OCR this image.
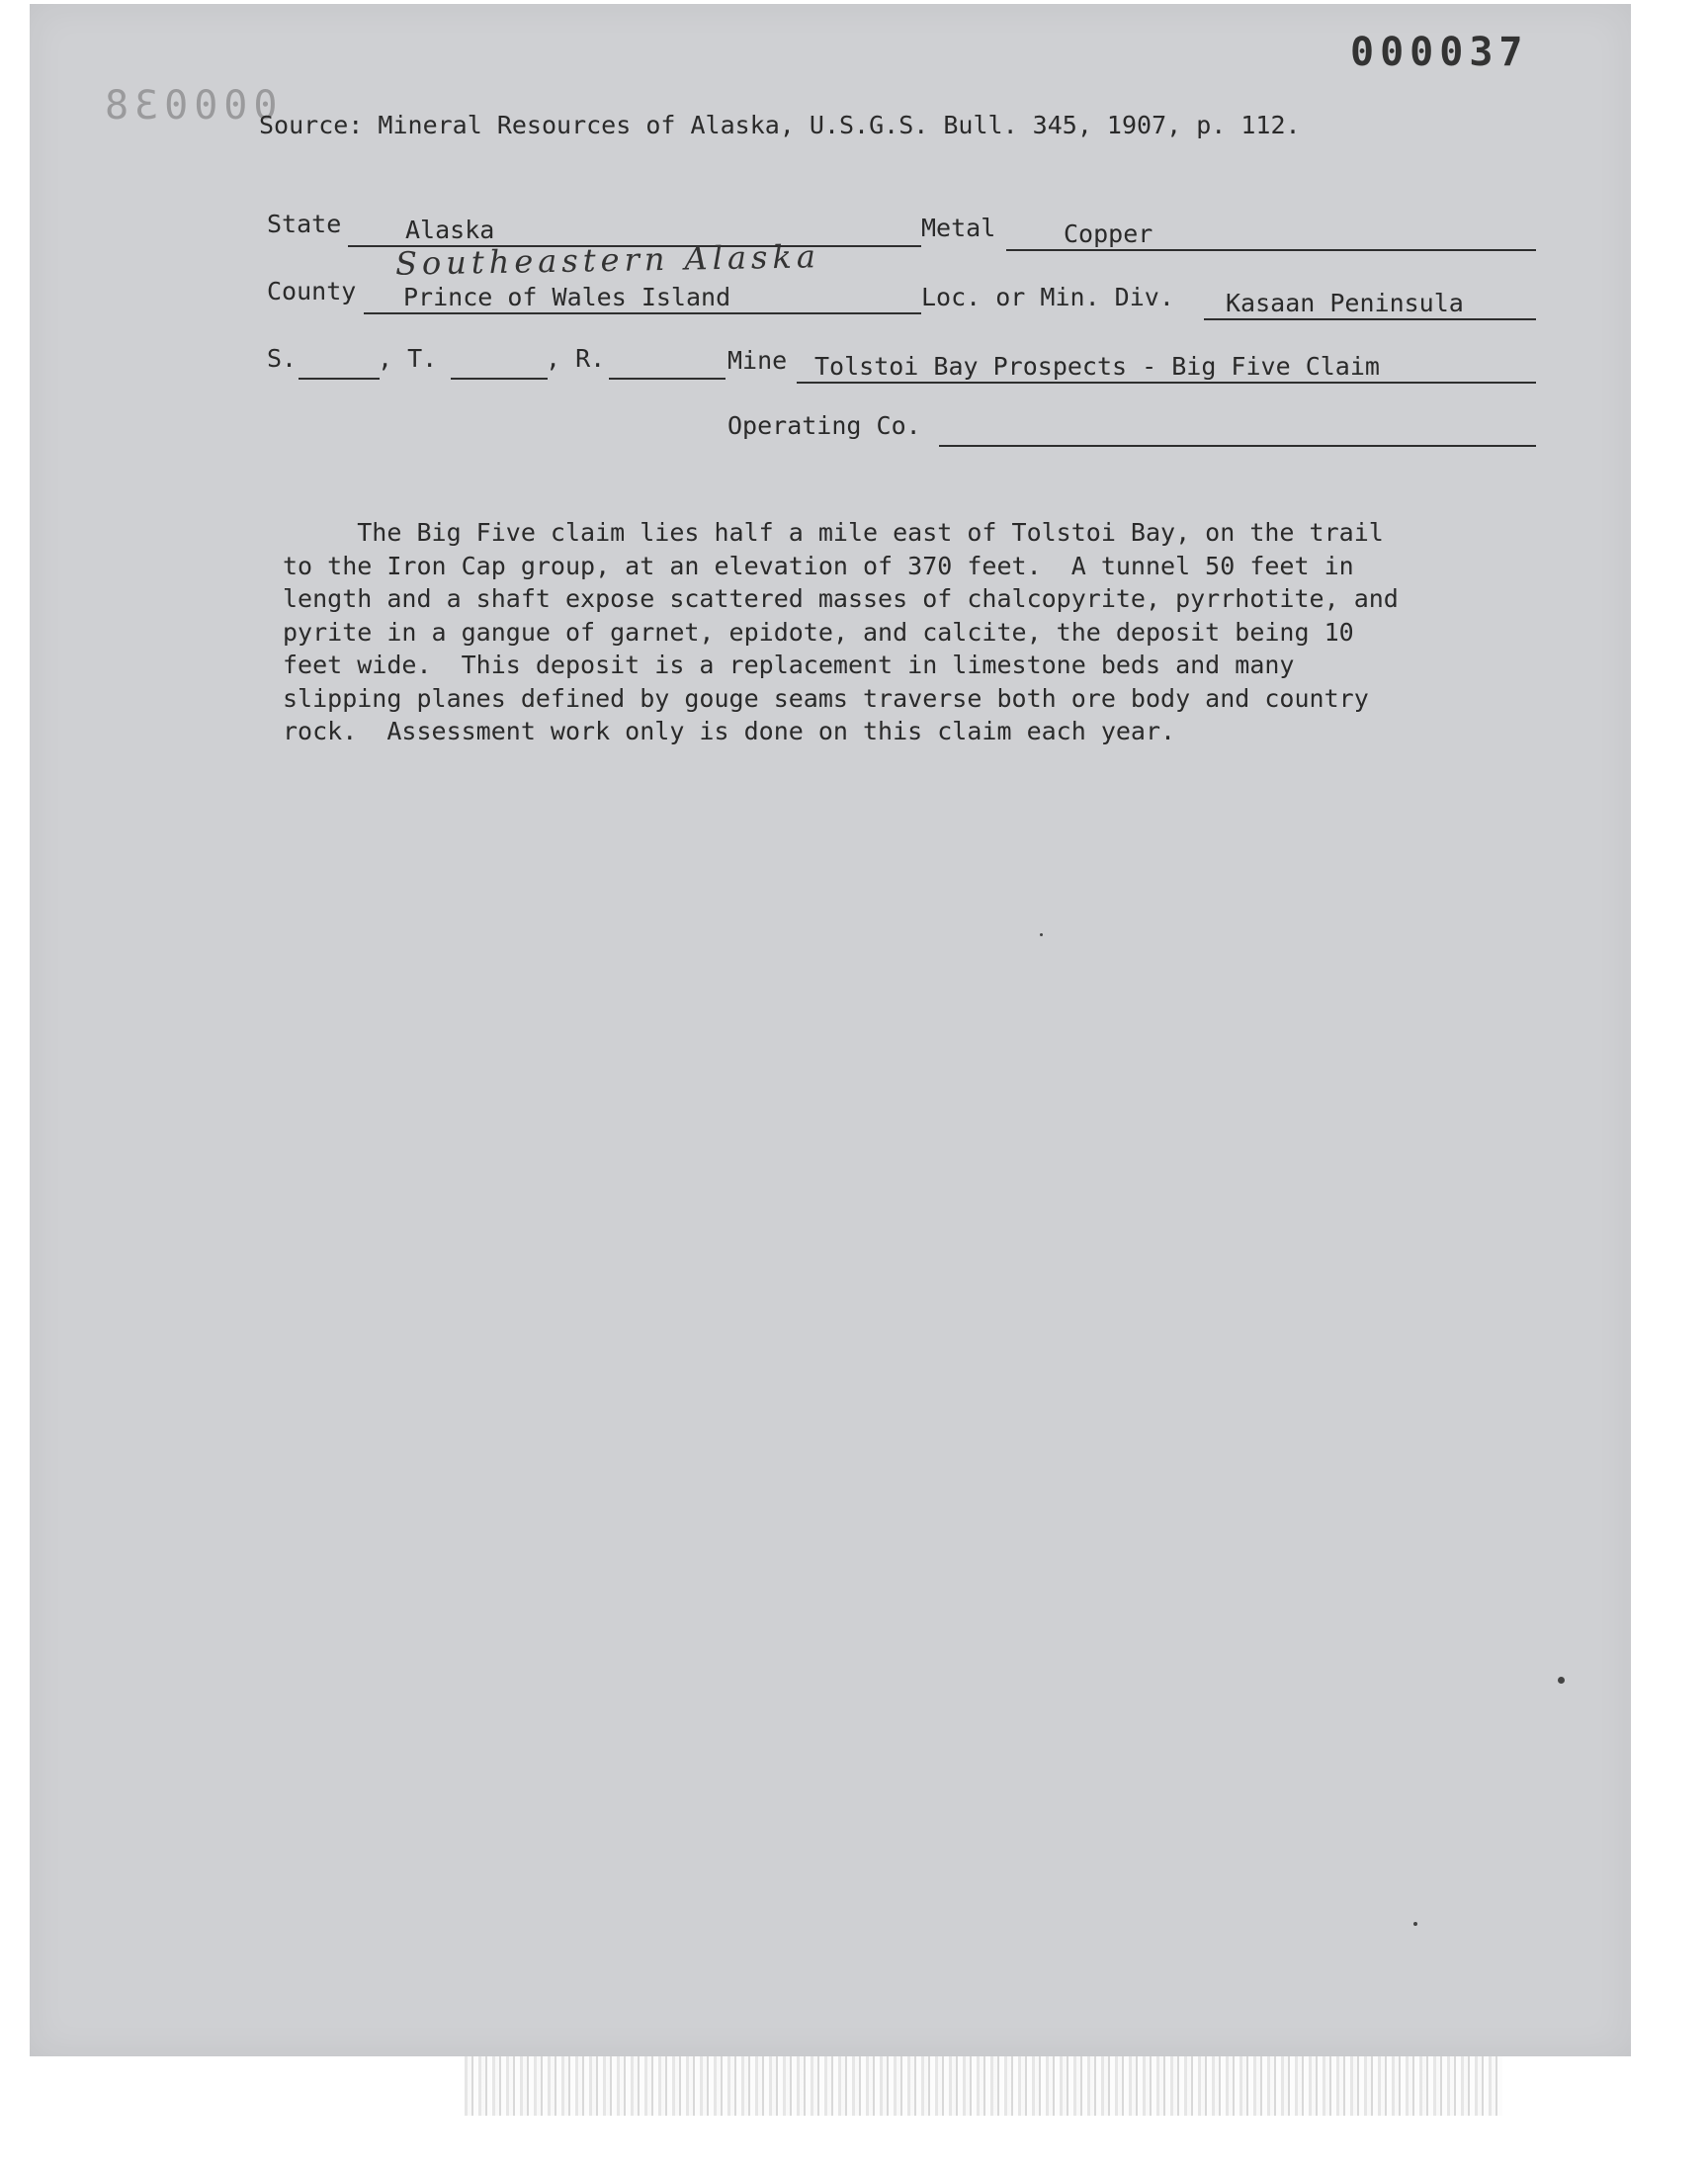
000037
000038
Source: Mineral Resources of Alaska, U.S.G.S. Bull. 345, 1907, p. 112.
State	Alaska	Metal	Copper
Southeastern Alaska
County Prince of Wales Island	Loc. or Min. Div. Kasaan Peninsula
S.	, T.	, R.	Mine Tolstoi Bay Prospects - Big Five Claim
Operating Co.
The Big Five claim lies half a mile east of Tolstoi Bay, on the trail
to the Iron Cap group, at an elevation of 370 feet.  A tunnel 50 feet in
length and a shaft expose scattered masses of chalcopyrite, pyrrhotite, and
pyrite in a gangue of garnet, epidote, and calcite, the deposit being 10
feet wide.  This deposit is a replacement in limestone beds and many
slipping planes defined by gouge seams traverse both ore body and country
rock.  Assessment work only is done on this claim each year.
